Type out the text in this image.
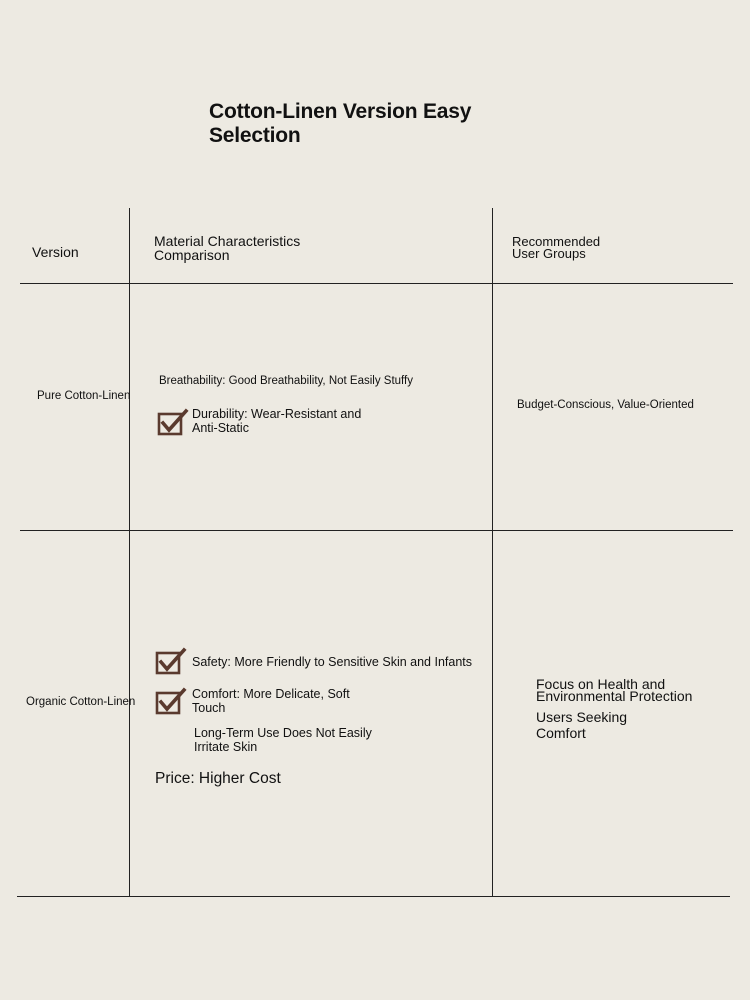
Cotton-Linen Version Easy Selection
Version
Material Characteristics Comparison
Recommended User Groups
Pure Cotton-Linen
Breathability: Good Breathability, Not Easily Stuffy
Durability: Wear-Resistant and Anti-Static
Budget-Conscious, Value-Oriented
Organic Cotton-Linen
Safety: More Friendly to Sensitive Skin and Infants
Comfort: More Delicate, Soft Touch
Long-Term Use Does Not Easily Irritate Skin
Price: Higher Cost
Focus on Health and Environmental Protection
Users Seeking Comfort
